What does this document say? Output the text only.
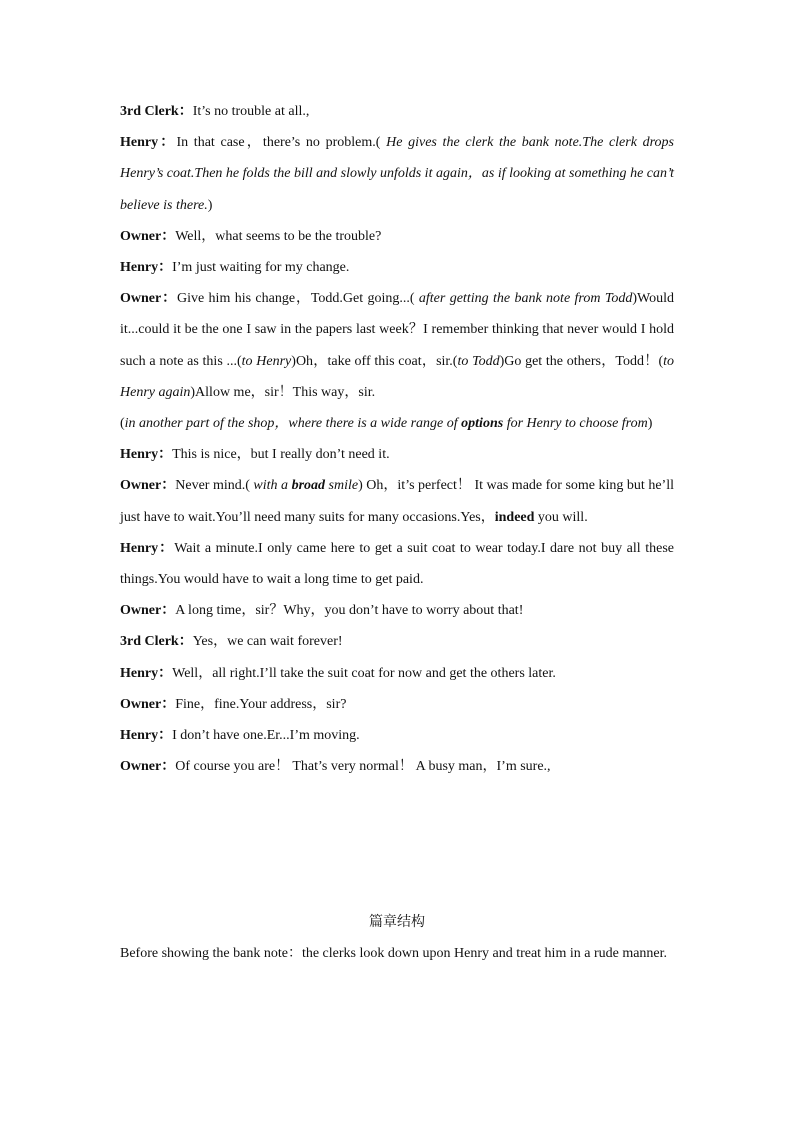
3rd Clerk：It’s no trouble at all.,

Henry：In that case，there’s no problem.( He gives the clerk the bank note.The clerk drops Henry’s coat.Then he folds the bill and slowly unfolds it again，as if looking at something he can’t believe is there.)

Owner：Well，what seems to be the trouble?

Henry：I’m just waiting for my change.

Owner：Give him his change，Todd.Get going...( after getting the bank note from Todd)Would it...could it be the one I saw in the papers last week？I remember thinking that never would I hold such a note as this ...(to Henry)Oh，take off this coat，sir.(to Todd)Go get the others，Todd！(to Henry again)Allow me，sir！This way，sir.

(in another part of the shop，where there is a wide range of options for Henry to choose from)

Henry：This is nice，but I really don’t need it.

Owner：Never mind.( with a broad smile) Oh，it’s perfect！ It was made for some king but he’ll just have to wait.You’ll need many suits for many occasions.Yes，indeed you will.

Henry：Wait a minute.I only came here to get a suit coat to wear today.I dare not buy all these things.You would have to wait a long time to get paid.

Owner：A long time，sir？Why，you don’t have to worry about that!

3rd Clerk：Yes，we can wait forever!

Henry：Well，all right.I’ll take the suit coat for now and get the others later.

Owner：Fine，fine.Your address，sir?

Henry：I don’t have one.Er...I’m moving.

Owner：Of course you are！ That’s very normal！ A busy man，I’m sure.,

篇章结构

Before showing the bank note：the clerks look down upon Henry and treat him in a rude manner.
